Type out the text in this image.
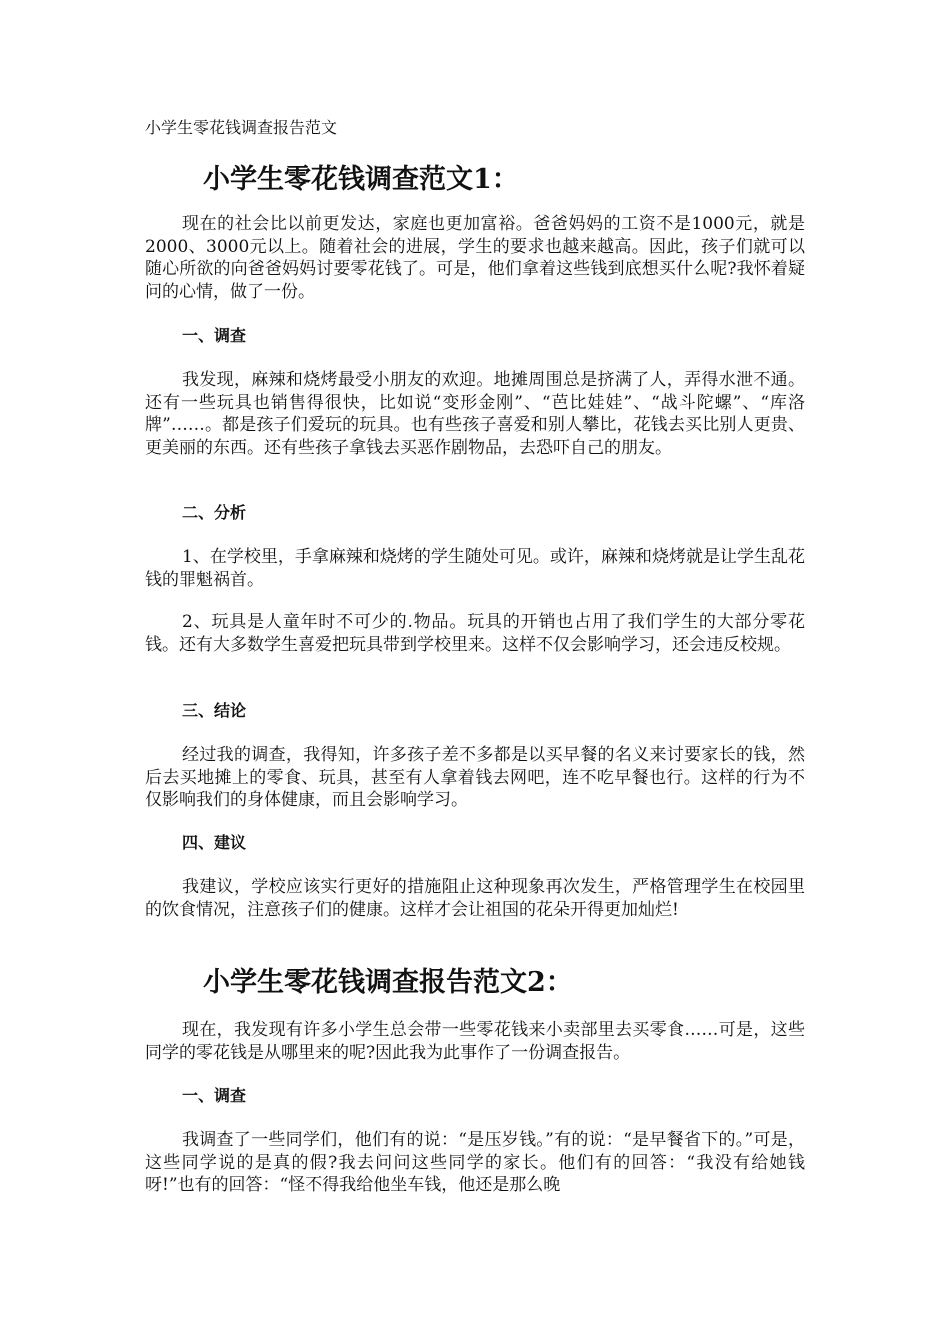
小学生零花钱调查报告范文
小学生零花钱调查范文1：
现在的社会比以前更发达，家庭也更加富裕。爸爸妈妈的工资不是1000元，就是2000、3000元以上。随着社会的进展，学生的要求也越来越高。因此，孩子们就可以随心所欲的向爸爸妈妈讨要零花钱了。可是，他们拿着这些钱到底想买什么呢?我怀着疑问的心情，做了一份。
一、调查
我发现，麻辣和烧烤最受小朋友的欢迎。地摊周围总是挤满了人，弄得水泄不通。还有一些玩具也销售得很快，比如说“变形金刚”、“芭比娃娃”、“战斗陀螺”、“库洛牌”……。都是孩子们爱玩的玩具。也有些孩子喜爱和别人攀比，花钱去买比别人更贵、更美丽的东西。还有些孩子拿钱去买恶作剧物品，去恐吓自己的朋友。
二、分析
1、在学校里，手拿麻辣和烧烤的学生随处可见。或许，麻辣和烧烤就是让学生乱花钱的罪魁祸首。
2、玩具是人童年时不可少的.物品。玩具的开销也占用了我们学生的大部分零花钱。还有大多数学生喜爱把玩具带到学校里来。这样不仅会影响学习，还会违反校规。
三、结论
经过我的调查，我得知，许多孩子差不多都是以买早餐的名义来讨要家长的钱，然后去买地摊上的零食、玩具，甚至有人拿着钱去网吧，连不吃早餐也行。这样的行为不仅影响我们的身体健康，而且会影响学习。
四、建议
我建议，学校应该实行更好的措施阻止这种现象再次发生，严格管理学生在校园里的饮食情况，注意孩子们的健康。这样才会让祖国的花朵开得更加灿烂!
小学生零花钱调查报告范文2：
现在，我发现有许多小学生总会带一些零花钱来小卖部里去买零食……可是，这些同学的零花钱是从哪里来的呢?因此我为此事作了一份调查报告。
一、调查
我调查了一些同学们，他们有的说：“是压岁钱。”有的说：“是早餐省下的。”可是，这些同学说的是真的假?我去问问这些同学的家长。他们有的回答：“我没有给她钱呀!”也有的回答：“怪不得我给他坐车钱，他还是那么晚
